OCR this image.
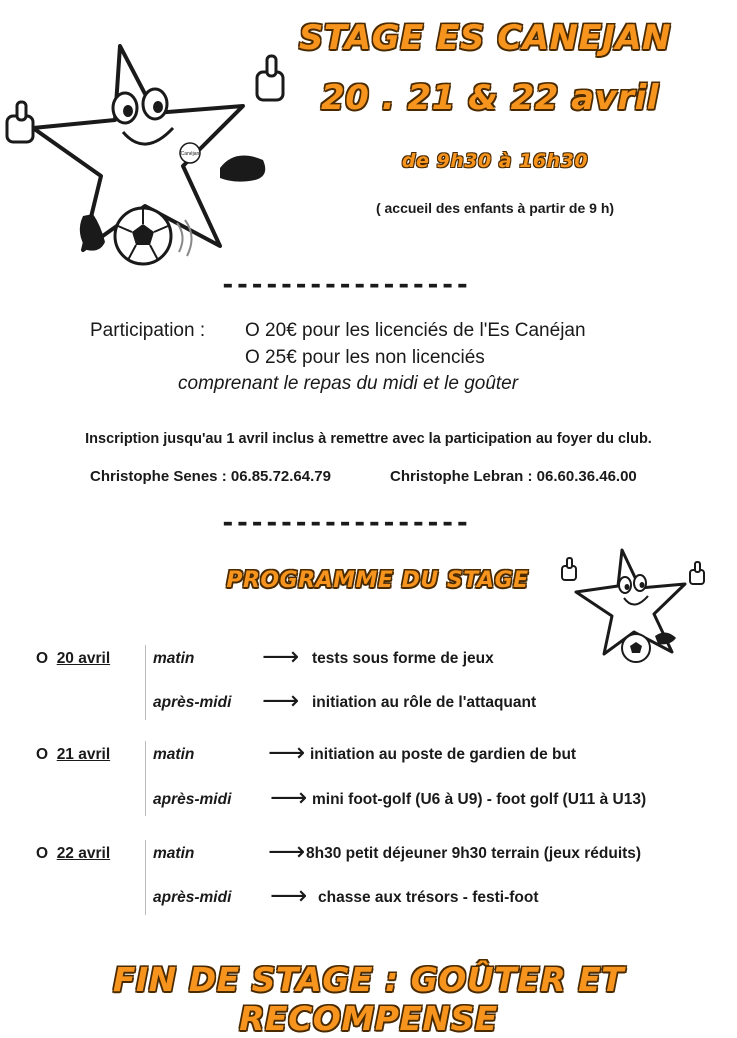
Canéjan
STAGE ES CANEJAN
20 . 21 & 22 avril
de 9h30 à 16h30
( accueil des enfants à partir de 9 h)
-----------------
Participation : O 20€ pour les licenciés de l'Es Canéjan
O 25€ pour les non licenciés
comprenant le repas du midi et le goûter
Inscription jusqu'au 1 avril inclus à remettre avec la participation au foyer du club.
Christophe Senes : 06.85.72.64.79	Christophe Lebran : 06.60.36.46.00
-----------------
PROGRAMME DU STAGE
O 20 avril	matin	⟶ tests sous forme de jeux
après-midi ⟶ initiation au rôle de l'attaquant
O 21 avril	matin	⟶ initiation au poste de gardien de but
après-midi ⟶ mini foot-golf (U6 à U9) - foot golf (U11 à U13)
O 22 avril	matin	⟶ 8h30 petit déjeuner 9h30 terrain (jeux réduits)
après-midi ⟶ chasse aux trésors - festi-foot
FIN DE STAGE : GOÛTER ET RECOMPENSE
